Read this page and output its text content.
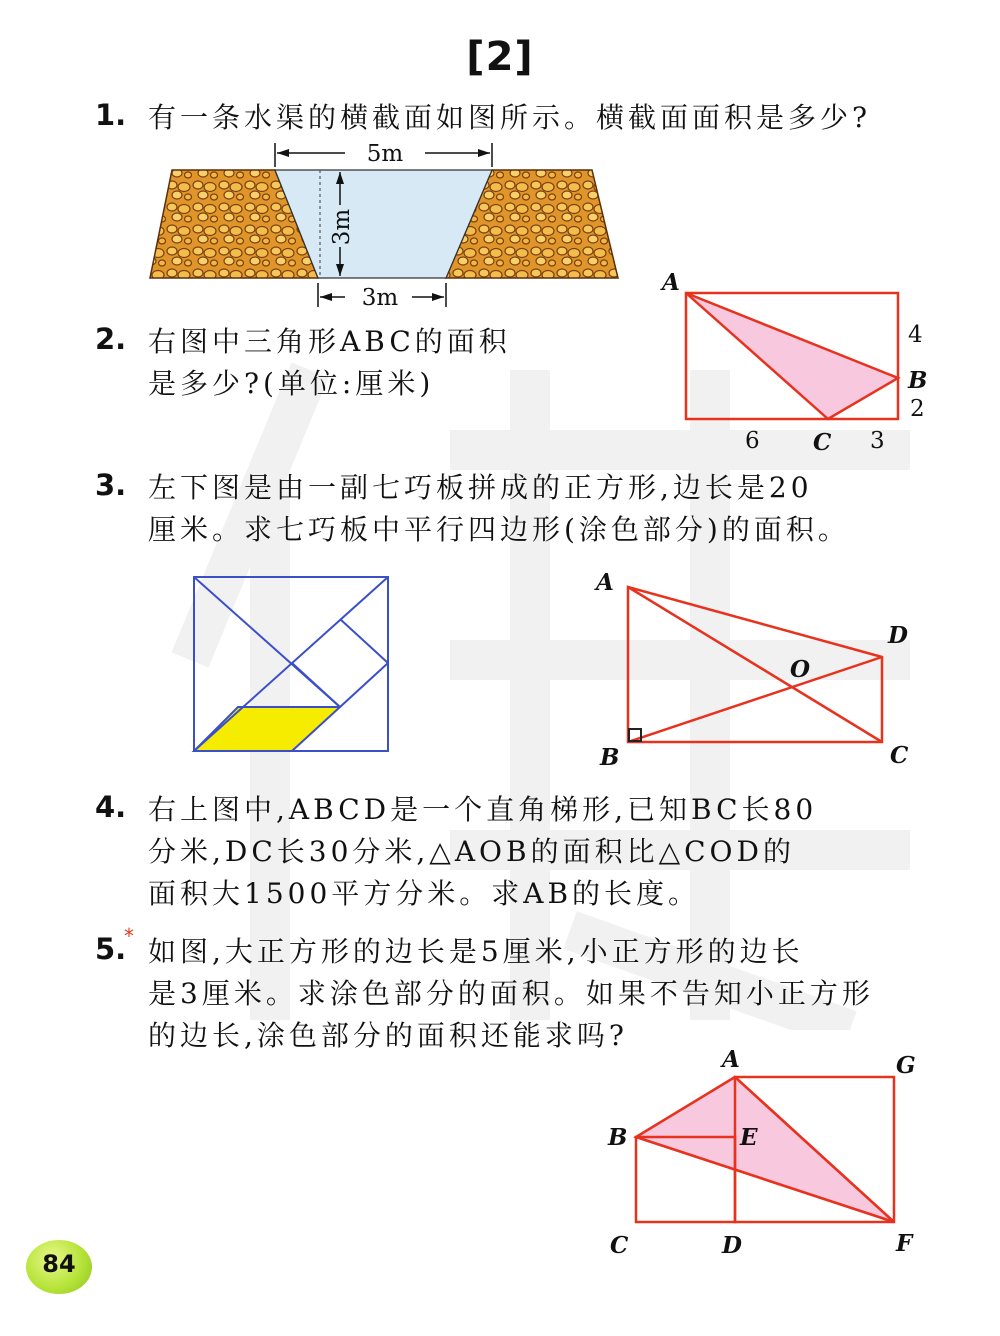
[2]
1. 有一条水渠的横截面如图所示。横截面面积是多少?
5m
3m
3m
2. 右图中三角形ABC的面积
是多少?(单位:厘米)
A
B
C
4
2
6	3
3. 左下图是由一副七巧板拼成的正方形,边长是20
厘米。求七巧板中平行四边形(涂色部分)的面积。
A
D
O
B	C
4. 右上图中,ABCD是一个直角梯形,已知BC长80
分米,DC长30分米,△AOB的面积比△COD的
面积大1500平方分米。求AB的长度。
5.
* 如图,大正方形的边长是5厘米,小正方形的边长
是3厘米。求涂色部分的面积。如果不告知小正方形
的边长,涂色部分的面积还能求吗?
A	G
B	E
C	D	F
84
